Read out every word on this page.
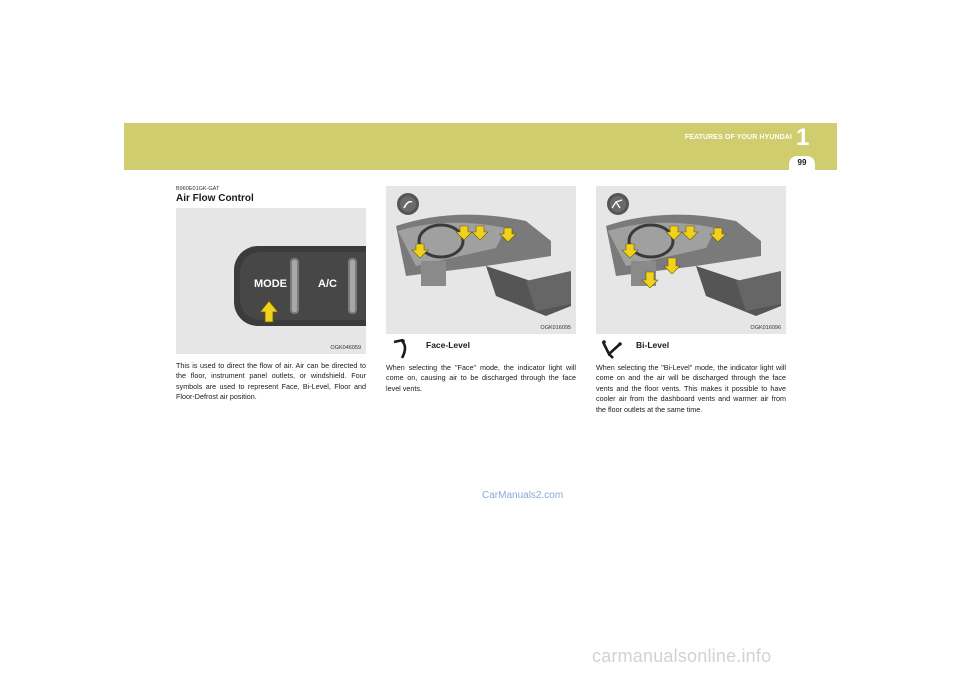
FEATURES OF YOUR HYUNDAI 1
99
B960E01GK-GAT
Air Flow Control
MODE	A/C
OGK046059
This is used to direct the flow of air. Air can be directed to the floor, instrument panel outlets, or windshield. Four symbols are used to represent Face, Bi-Level, Floor and Floor-Defrost air position.
OGK016095
Face-Level
When selecting the "Face" mode, the indicator light will come on, causing air to be discharged through the face level vents.
OGK016096
Bi-Level
When selecting the "Bi-Level" mode, the indicator light will come on and the air will be discharged through the face vents and the floor vents. This makes it possible to have cooler air from the dashboard vents and warmer air from the floor outlets at the same time.
CarManuals2.com
carmanualsonline.info
